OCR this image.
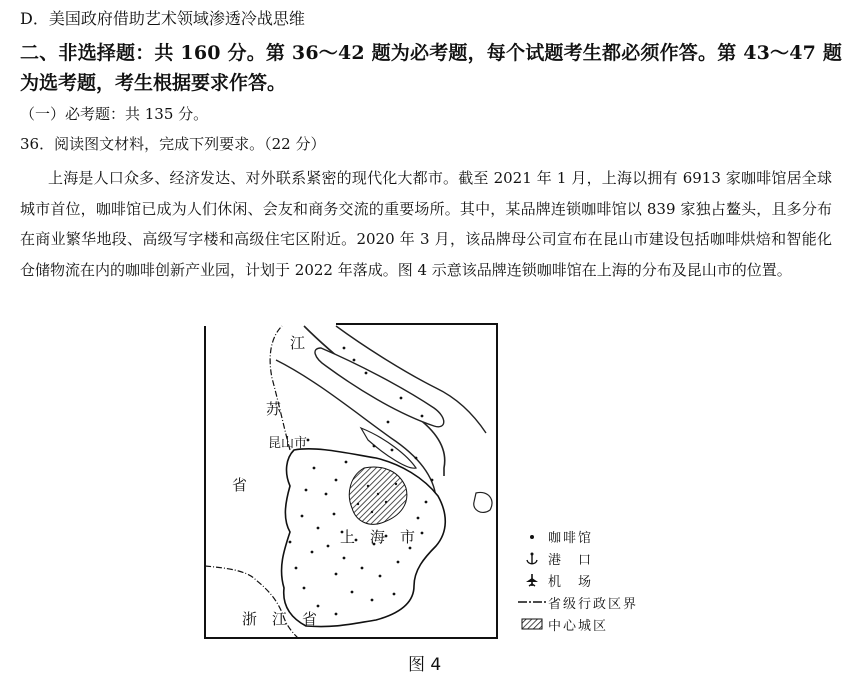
D．美国政府借助艺术领域渗透冷战思维
二、非选择题：共 160 分。第 36～42 题为必考题，每个试题考生都必须作答。第 43～47 题
为选考题，考生根据要求作答。
（一）必考题：共 135 分。
36．阅读图文材料，完成下列要求。（22 分）
上海是人口众多、经济发达、对外联系紧密的现代化大都市。截至 2021 年 1 月，上海以拥有 6913 家咖啡馆居全球城市首位，咖啡馆已成为人们休闲、会友和商务交流的重要场所。其中，某品牌连锁咖啡馆以 839 家独占鳌头，且多分布在商业繁华地段、高级写字楼和高级住宅区附近。2020 年 3 月，该品牌母公司宣布在昆山市建设包括咖啡烘焙和智能化仓储物流在内的咖啡创新产业园，计划于 2022 年落成。图 4 示意该品牌连锁咖啡馆在上海的分布及昆山市的位置。
江
苏
昆山市
省
上　海　市
浙　江　省
咖啡馆
港　口
机　场
省级行政区界
中心城区
图 4
